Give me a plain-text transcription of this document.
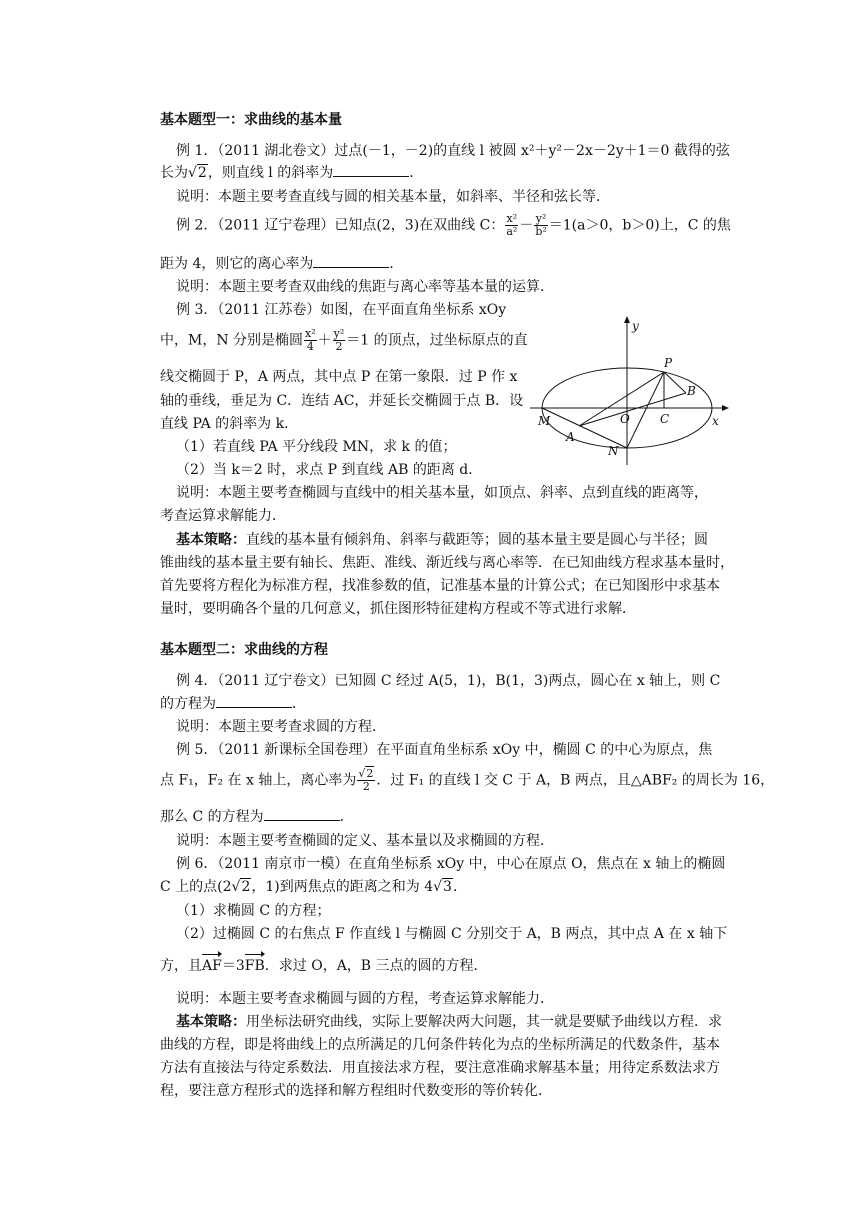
基本题型一：求曲线的基本量
例 1．（2011 湖北卷文）过点(－1，－2)的直线 l 被圆 x²＋y²－2x－2y＋1＝0 截得的弦
长为√2，则直线 l 的斜率为	．
说明：本题主要考查直线与圆的相关基本量，如斜率、半径和弦长等．
例 2．（2011 辽宁卷理）已知点(2，3)在双曲线 C： $\frac{\text{x²}}{\text{a²}} - \frac{\text{y²}}{\text{b²}} =1(a>0$，b＞0)上，C 的焦
距为 4，则它的离心率为	．
说明：本题主要考查双曲线的焦距与离心率等基本量的运算．
例 3．（2011 江苏卷）如图，在平面直角坐标系 xOy
中，M，N 分别是椭圆 $\frac{\text{x²}}{4} + \frac{\text{y²}}{2} =1$ 的顶点，过坐标原点的直
线交椭圆于 P，A 两点，其中点 P 在第一象限．过 P 作 x
轴的垂线，垂足为 C．连结 AC，并延长交椭圆于点 B．设
直线 PA 的斜率为 k．
（1）若直线 PA 平分线段 MN，求 k 的值；
（2）当 k＝2 时，求点 P 到直线 AB 的距离 d．
说明：本题主要考查椭圆与直线中的相关基本量，如顶点、斜率、点到直线的距离等，
考查运算求解能力．
y
x
P
B
M	O	C
A
N
基本策略：直线的基本量有倾斜角、斜率与截距等；圆的基本量主要是圆心与半径；圆
锥曲线的基本量主要有轴长、焦距、准线、渐近线与离心率等．在已知曲线方程求基本量时，
首先要将方程化为标准方程，找准参数的值，记准基本量的计算公式；在已知图形中求基本
量时，要明确各个量的几何意义，抓住图形特征建构方程或不等式进行求解．
基本题型二：求曲线的方程
例 4．（2011 辽宁卷文）已知圆 C 经过 A(5，1)，B(1，3)两点，圆心在 x 轴上，则 C
的方程为	．
说明：本题主要考查求圆的方程．
例 5．（2011 新课标全国卷理）在平面直角坐标系 xOy 中，椭圆 C 的中心为原点，焦
点 F₁，F₂ 在 x 轴上，离心率为 $\frac{√2}{2}$ ．过 F₁ 的直线 l 交 C 于 A，B 两点，且△ABF₂ 的周长为 16，
那么 C 的方程为	．
说明：本题主要考查椭圆的定义、基本量以及求椭圆的方程．
例 6．（2011 南京市一模）在直角坐标系 xOy 中，中心在原点 O，焦点在 x 轴上的椭圆
C 上的点(2√2，1)到两焦点的距离之和为 4√3．
（1）求椭圆 C 的方程；
（2）过椭圆 C 的右焦点 F 作直线 l 与椭圆 C 分别交于 A，B 两点，其中点 A 在 x 轴下
方，且AF＝3FB．求过 O，A，B 三点的圆的方程．
说明：本题主要考查求椭圆与圆的方程，考查运算求解能力．
基本策略：用坐标法研究曲线，实际上要解决两大问题，其一就是要赋予曲线以方程．求
曲线的方程，即是将曲线上的点所满足的几何条件转化为点的坐标所满足的代数条件，基本
方法有直接法与待定系数法．用直接法求方程，要注意准确求解基本量；用待定系数法求方
程，要注意方程形式的选择和解方程组时代数变形的等价转化．
